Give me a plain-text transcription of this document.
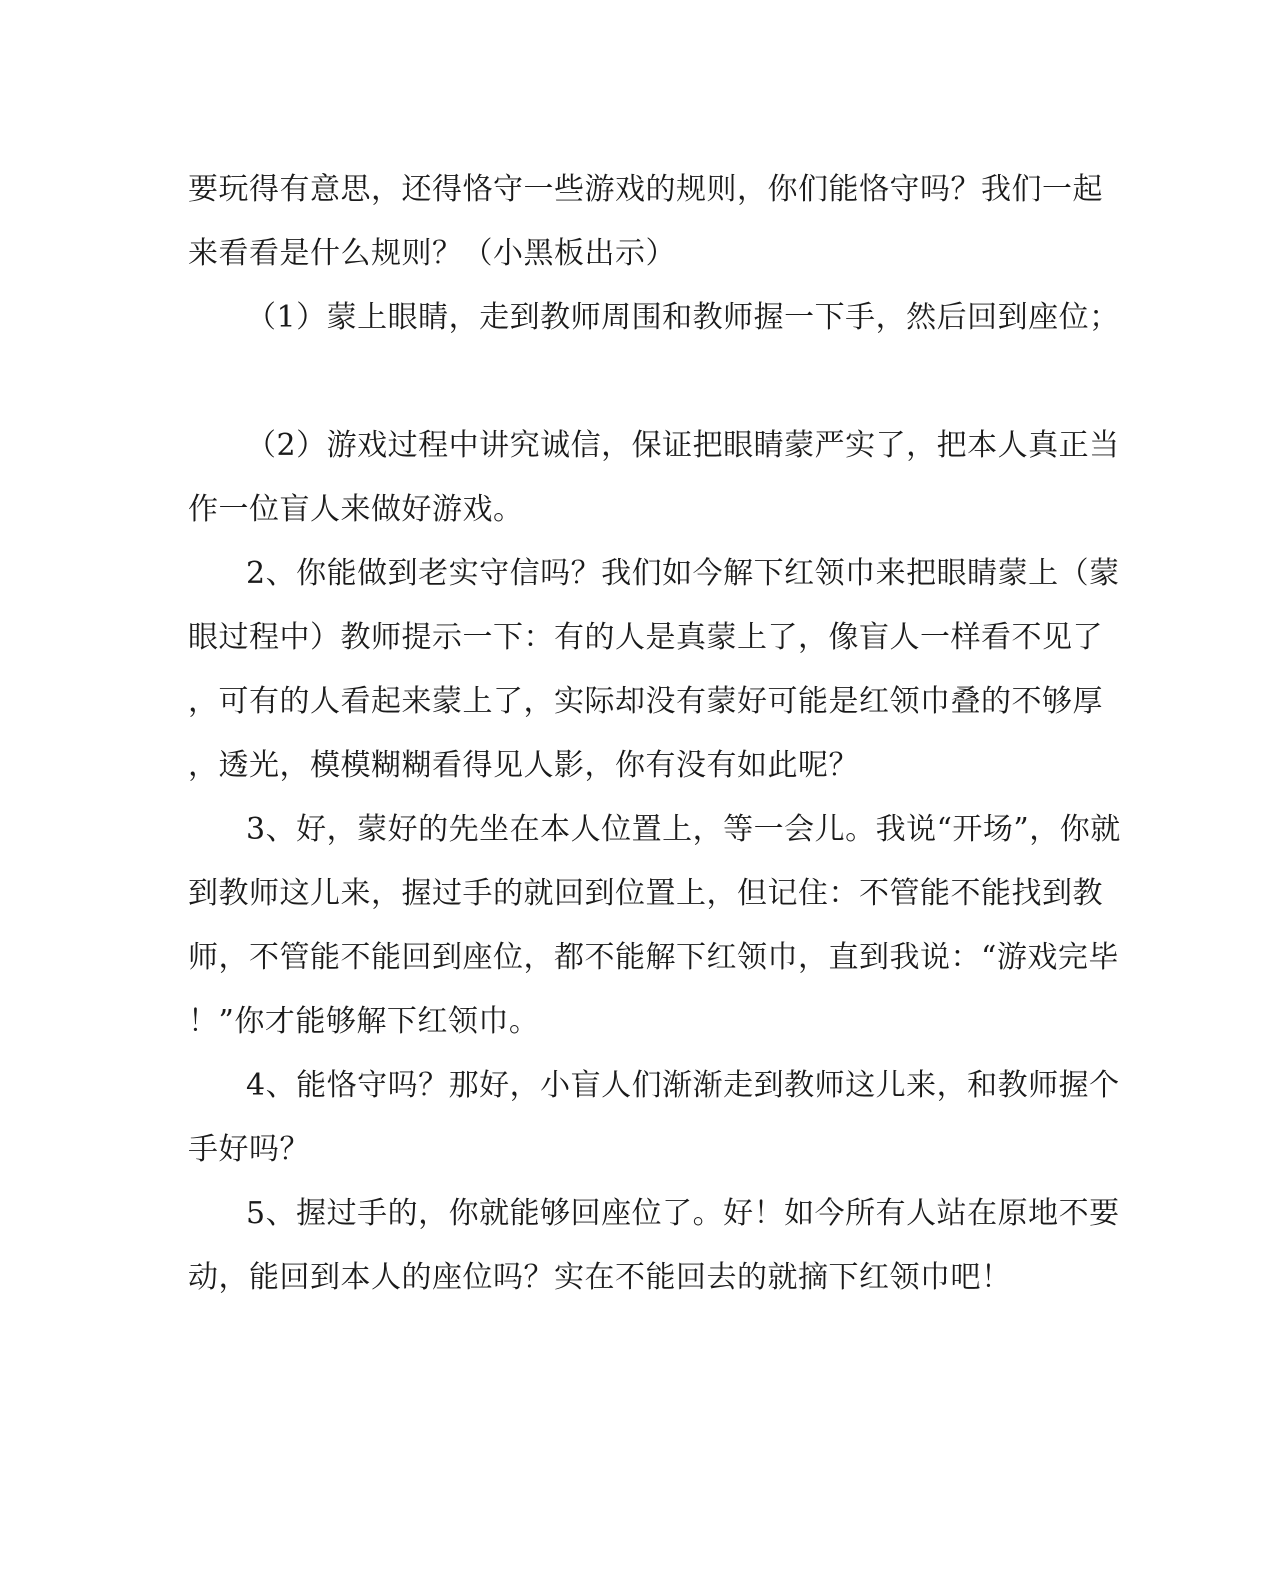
要玩得有意思，还得恪守一些游戏的规则，你们能恪守吗？我们一起
来看看是什么规则？（小黑板出示）
（1）蒙上眼睛，走到教师周围和教师握一下手，然后回到座位；
（2）游戏过程中讲究诚信，保证把眼睛蒙严实了，把本人真正当
作一位盲人来做好游戏。
2、你能做到老实守信吗？我们如今解下红领巾来把眼睛蒙上（蒙
眼过程中）教师提示一下：有的人是真蒙上了，像盲人一样看不见了
，可有的人看起来蒙上了，实际却没有蒙好可能是红领巾叠的不够厚
，透光，模模糊糊看得见人影，你有没有如此呢？
3、好，蒙好的先坐在本人位置上，等一会儿。我说“开场”，你就
到教师这儿来，握过手的就回到位置上，但记住：不管能不能找到教
师，不管能不能回到座位，都不能解下红领巾，直到我说：“游戏完毕
！”你才能够解下红领巾。
4、能恪守吗？那好，小盲人们渐渐走到教师这儿来，和教师握个
手好吗？
5、握过手的，你就能够回座位了。好！如今所有人站在原地不要
动，能回到本人的座位吗？实在不能回去的就摘下红领巾吧！
